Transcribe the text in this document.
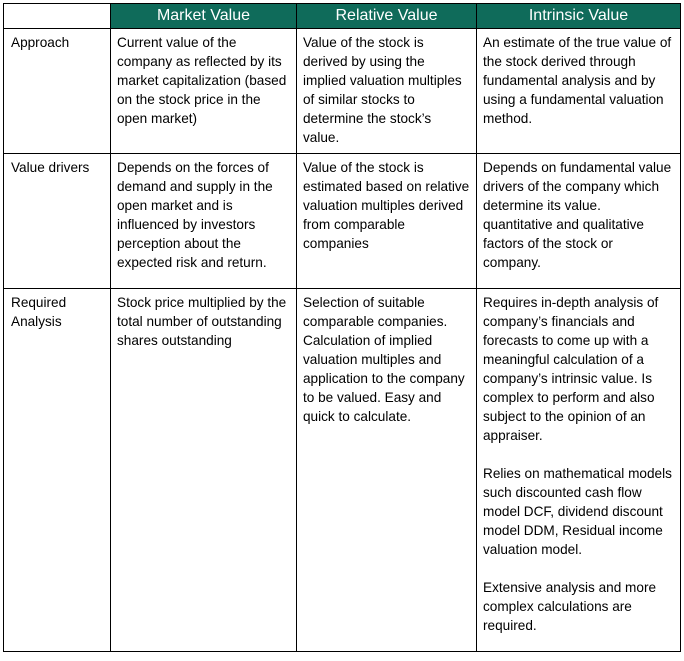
	Market Value	Relative Value	Intrinsic Value
Approach	Current value of the company as reflected by its market capitalization (based on the stock price in the open market)	Value of the stock is derived by using the implied valuation multiples of similar stocks to determine the stock’s value.	An estimate of the true value of the stock derived through fundamental analysis and by using a fundamental valuation method.

Value drivers	Depends on the forces of demand and supply in the open market and is influenced by investors perception about the expected risk and return.	Value of the stock is estimated based on relative valuation multiples derived from comparable companies	Depends on fundamental value drivers of the company which determine its value. quantitative and qualitative factors of the stock or company.

Required Analysis	Stock price multiplied by the total number of outstanding shares outstanding	Selection of suitable comparable companies. Calculation of implied valuation multiples and application to the company to be valued. Easy and quick to calculate.	Requires in-depth analysis of company’s financials and forecasts to come up with a meaningful calculation of a company’s intrinsic value. Is complex to perform and also subject to the opinion of an appraiser.
Relies on mathematical models such discounted cash flow model DCF, dividend discount model DDM, Residual income valuation model.
Extensive analysis and more complex calculations are required.
